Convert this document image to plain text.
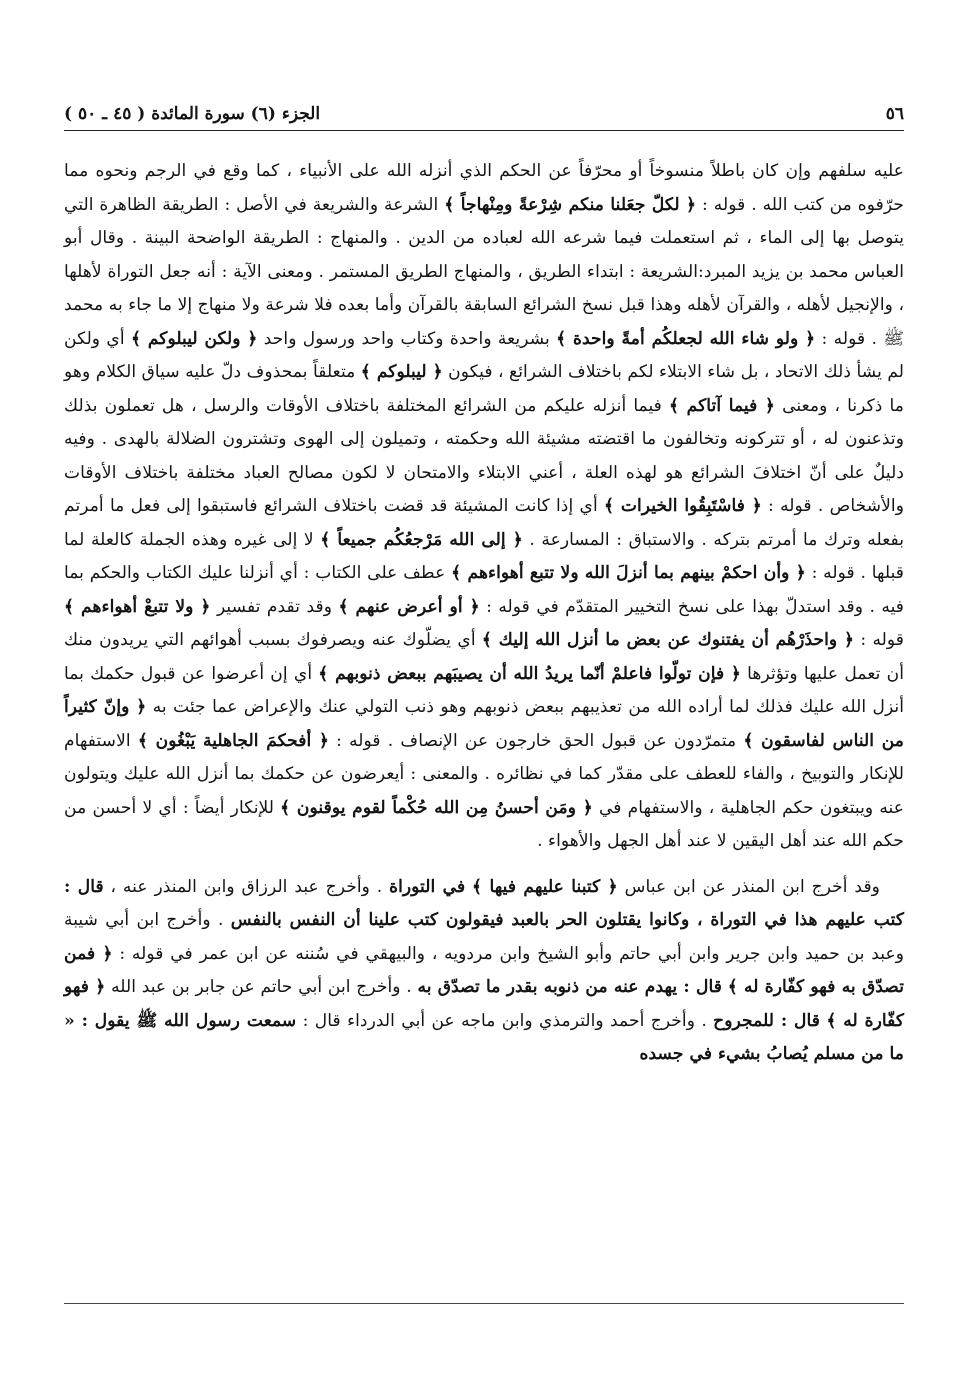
٥٦
الجزء (٦) سورة المائدة ( ٤٥ ـ ٥٠ )

عليه سلفهم وإن كان باطلاً منسوخاً أو محرّفاً عن الحكم الذي أنزله الله على الأنبياء ، كما وقع في الرجم ونحوه مما حرّفوه من كتب الله . قوله : ﴿ لكلّ جعَلنا منكم شِرْعةً ومِنْهاجاً ﴾ الشرعة والشريعة في الأصل : الطريقة الظاهرة التي يتوصل بها إلى الماء ، ثم استعملت فيما شرعه الله لعباده من الدين . والمنهاج : الطريقة الواضحة البينة . وقال أبو العباس محمد بن يزيد المبرد:الشريعة : ابتداء الطريق ، والمنهاج الطريق المستمر . ومعنى الآية : أنه جعل التوراة لأهلها ، والإنجيل لأهله ، والقرآن لأهله وهذا قبل نسخ الشرائع السابقة بالقرآن وأما بعده فلا شرعة ولا منهاج إلا ما جاء به محمد ﷺ . قوله : ﴿ ولو شاء الله لجعلكُم أمةً واحدة ﴾ بشريعة واحدة وكتاب واحد ورسول واحد ﴿ ولكن ليبلوكم ﴾ أي ولكن لم يشأ ذلك الاتحاد ، بل شاء الابتلاء لكم باختلاف الشرائع ، فيكون ﴿ ليبلوكم ﴾ متعلقاً بمحذوف دلّ عليه سياق الكلام وهو ما ذكرنا ، ومعنى ﴿ فيما آتاكم ﴾ فيما أنزله عليكم من الشرائع المختلفة باختلاف الأوقات والرسل ، هل تعملون بذلك وتذعنون له ، أو تتركونه وتخالفون ما اقتضته مشيئة الله وحكمته ، وتميلون إلى الهوى وتشترون الضلالة بالهدى . وفيه دليلٌ على أنّ اختلافَ الشرائع هو لهذه العلة ، أعني الابتلاء والامتحان لا لكون مصالح العباد مختلفة باختلاف الأوقات والأشخاص . قوله : ﴿ فاسْتَبِقُوا الخيرات ﴾ أي إذا كانت المشيئة قد قضت باختلاف الشرائع فاستبقوا إلى فعل ما أمرتم بفعله وترك ما أمرتم بتركه . والاستباق : المسارعة . ﴿ إلى الله مَرْجعُكُم جميعاً ﴾ لا إلى غيره وهذه الجملة كالعلة لما قبلها . قوله : ﴿ وأن احكمْ بينهم بما أنزلَ الله ولا تتبع أهواءهم ﴾ عطف على الكتاب : أي أنزلنا عليك الكتاب والحكم بما فيه . وقد استدلّ بهذا على نسخ التخيير المتقدّم في قوله : ﴿ أو أعرض عنهم ﴾ وقد تقدم تفسير ﴿ ولا تتبعْ أهواءهم ﴾ قوله : ﴿ واحذَرْهُم أن يفتنوك عن بعض ما أنزل الله إليك ﴾ أي يضلّوك عنه ويصرفوك بسبب أهوائهم التي يريدون منك أن تعمل عليها وتؤثرها ﴿ فإن تولّوا فاعلمْ أنّما يريدُ الله أن يصيبَهم ببعض ذنوبهم ﴾ أي إن أعرضوا عن قبول حكمك بما أنزل الله عليك فذلك لما أراده الله من تعذيبهم ببعض ذنوبهم وهو ذنب التولي عنك والإعراض عما جئت به ﴿ وإنّ كثيراً من الناس لفاسقون ﴾ متمرّدون عن قبول الحق خارجون عن الإنصاف . قوله : ﴿ أفحكمَ الجاهلية يَبْغُون ﴾ الاستفهام للإنكار والتوبيخ ، والفاء للعطف على مقدّر كما في نظائره . والمعنى : أيعرضون عن حكمك بما أنزل الله عليك ويتولون عنه ويبتغون حكم الجاهلية ، والاستفهام في ﴿ ومَن أحسنُ مِن الله حُكْماً لقوم يوقنون ﴾ للإنكار أيضاً : أي لا أحسن من حكم الله عند أهل اليقين لا عند أهل الجهل والأهواء .

وقد أخرج ابن المنذر عن ابن عباس ﴿ كتبنا عليهم فيها ﴾ في التوراة . وأخرج عبد الرزاق وابن المنذر عنه ، قال : كتب عليهم هذا في التوراة ، وكانوا يقتلون الحر بالعبد فيقولون كتب علينا أن النفس بالنفس . وأخرج ابن أبي شيبة وعبد بن حميد وابن جرير وابن أبي حاتم وأبو الشيخ وابن مردويه ، والبيهقي في سُننه عن ابن عمر في قوله : ﴿ فمن تصدّق به فهو كفّارة له ﴾ قال : يهدم عنه من ذنوبه بقدر ما تصدّق به . وأخرج ابن أبي حاتم عن جابر بن عبد الله ﴿ فهو كفّارة له ﴾ قال : للمجروح . وأخرج أحمد والترمذي وابن ماجه عن أبي الدرداء قال : سمعت رسول الله ﷺ يقول : « ما من مسلم يُصابُ بشيء في جسده
